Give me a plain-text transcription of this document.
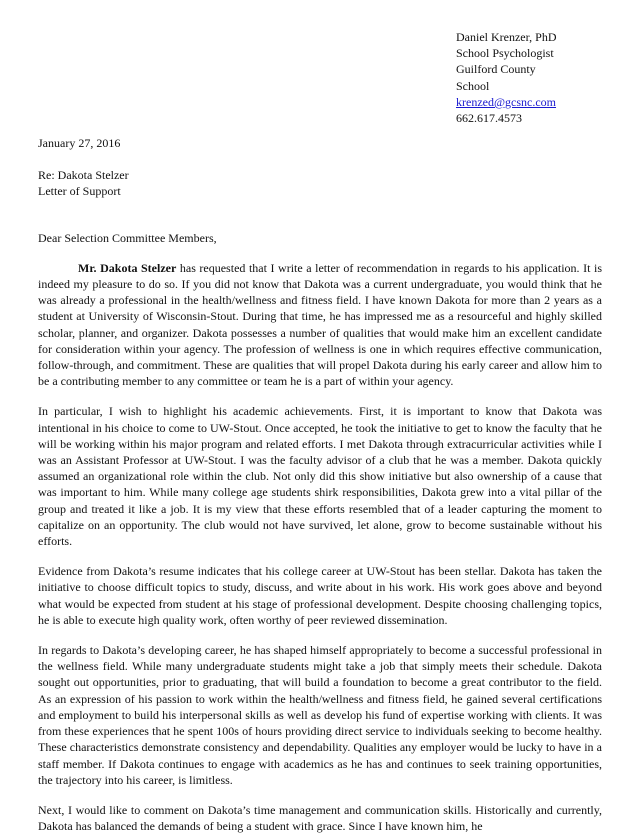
Daniel Krenzer, PhD
School Psychologist
Guilford County
School
krenzed@gcsnc.com
662.617.4573
January 27, 2016
Re: Dakota Stelzer
Letter of Support
Dear Selection Committee Members,

Mr. Dakota Stelzer has requested that I write a letter of recommendation in regards to his application. It is indeed my pleasure to do so. If you did not know that Dakota was a current undergraduate, you would think that he was already a professional in the health/wellness and fitness field. I have known Dakota for more than 2 years as a student at University of Wisconsin-Stout. During that time, he has impressed me as a resourceful and highly skilled scholar, planner, and organizer. Dakota possesses a number of qualities that would make him an excellent candidate for consideration within your agency. The profession of wellness is one in which requires effective communication, follow-through, and commitment. These are qualities that will propel Dakota during his early career and allow him to be a contributing member to any committee or team he is a part of within your agency.

In particular, I wish to highlight his academic achievements. First, it is important to know that Dakota was intentional in his choice to come to UW-Stout. Once accepted, he took the initiative to get to know the faculty that he will be working within his major program and related efforts. I met Dakota through extracurricular activities while I was an Assistant Professor at UW-Stout. I was the faculty advisor of a club that he was a member. Dakota quickly assumed an organizational role within the club. Not only did this show initiative but also ownership of a cause that was important to him. While many college age students shirk responsibilities, Dakota grew into a vital pillar of the group and treated it like a job. It is my view that these efforts resembled that of a leader capturing the moment to capitalize on an opportunity. The club would not have survived, let alone, grow to become sustainable without his efforts.

Evidence from Dakota’s resume indicates that his college career at UW-Stout has been stellar. Dakota has taken the initiative to choose difficult topics to study, discuss, and write about in his work. His work goes above and beyond what would be expected from student at his stage of professional development. Despite choosing challenging topics, he is able to execute high quality work, often worthy of peer reviewed dissemination.

In regards to Dakota’s developing career, he has shaped himself appropriately to become a successful professional in the wellness field. While many undergraduate students might take a job that simply meets their schedule. Dakota sought out opportunities, prior to graduating, that will build a foundation to become a great contributor to the field. As an expression of his passion to work within the health/wellness and fitness field, he gained several certifications and employment to build his interpersonal skills as well as develop his fund of expertise working with clients. It was from these experiences that he spent 100s of hours providing direct service to individuals seeking to become healthy. These characteristics demonstrate consistency and dependability. Qualities any employer would be lucky to have in a staff member. If Dakota continues to engage with academics as he has and continues to seek training opportunities, the trajectory into his career, is limitless.

Next, I would like to comment on Dakota’s time management and communication skills. Historically and currently, Dakota has balanced the demands of being a student with grace. Since I have known him, he
